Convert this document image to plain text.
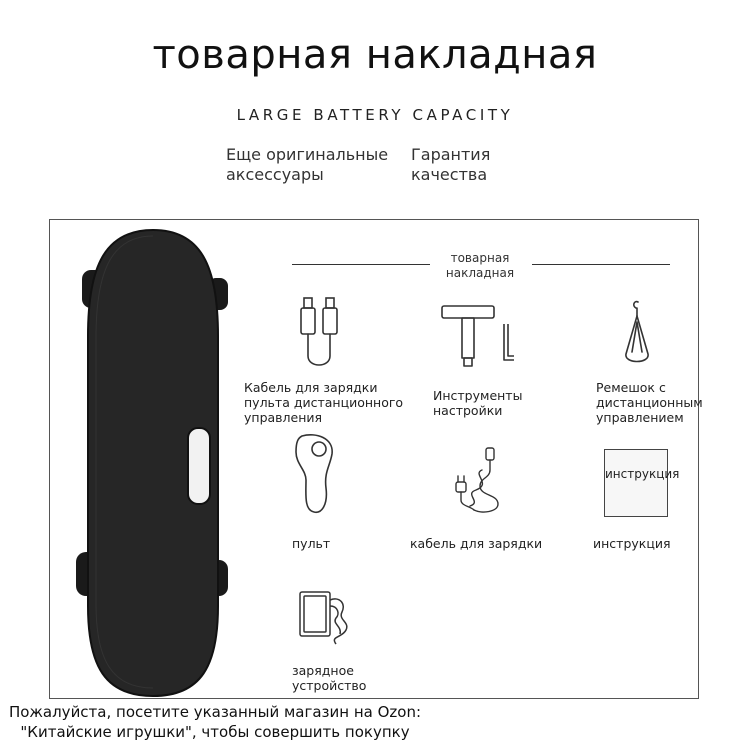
товарная накладная
LARGE BATTERY CAPACITY
Еще оригинальные аксессуары
Гарантия качества
товарная накладная
Кабель для зарядки пульта дистанционного управления
Инструменты настройки
Ремешок с дистанционным управлением
пульт	кабель для зарядки
инструкция
инструкция
зарядное устройство
Пожалуйста, посетите указанный магазин на Ozon: "Китайские игрушки", чтобы совершить покупку
